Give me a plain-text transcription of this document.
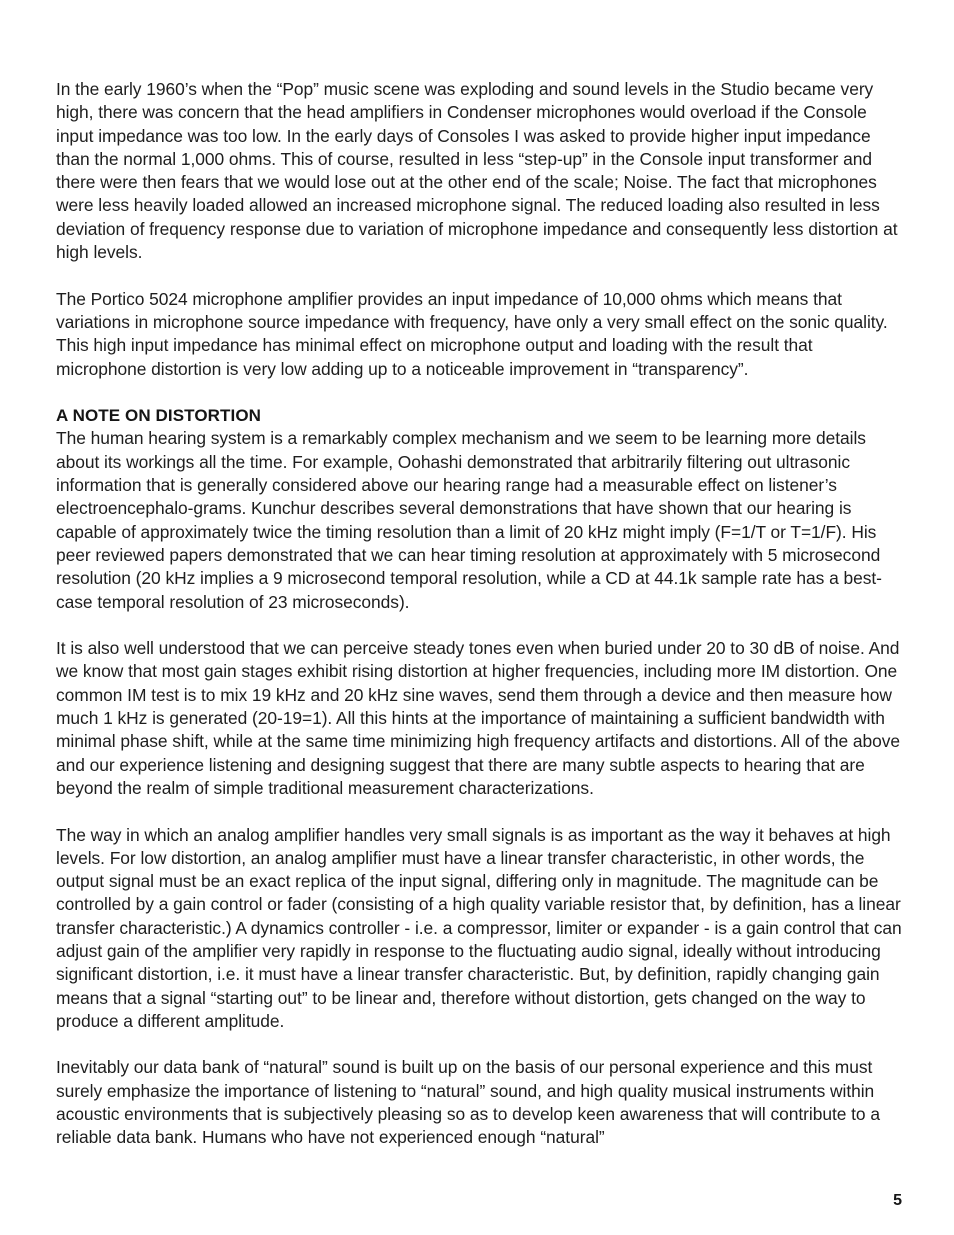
In the early 1960’s when the “Pop” music scene was exploding and sound levels in the Studio became very high, there was concern that the head amplifiers in Condenser microphones would overload if the Console input impedance was too low. In the early days of Consoles I was asked to provide higher input impedance than the normal 1,000 ohms. This of course, resulted in less “step-up” in the Console input transformer and there were then fears that we would lose out at the other end of the scale; Noise. The fact that microphones were less heavily loaded allowed an increased microphone signal. The reduced loading also resulted in less deviation of frequency response due to variation of microphone impedance and consequently less distortion at high levels.

The Portico 5024 microphone amplifier provides an input impedance of 10,000 ohms which means that variations in microphone source impedance with frequency, have only a very small effect on the sonic quality. This high input impedance has minimal effect on microphone output and loading with the result that microphone distortion is very low adding up to a noticeable improvement in “transparency”.

A NOTE ON DISTORTION

The human hearing system is a remarkably complex mechanism and we seem to be learning more details about its workings all the time. For example, Oohashi demonstrated that arbitrarily filtering out ultrasonic information that is generally considered above our hearing range had a measurable effect on listener’s electroencephalo-grams. Kunchur describes several demonstrations that have shown that our hearing is capable of approximately twice the timing resolution than a limit of 20 kHz might imply (F=1/T or T=1/F). His peer reviewed papers demonstrated that we can hear timing resolution at approximately with 5 microsecond resolution (20 kHz implies a 9 microsecond temporal resolution, while a CD at 44.1k sample rate has a best-case temporal resolution of 23 microseconds).

It is also well understood that we can perceive steady tones even when buried under 20 to 30 dB of noise. And we know that most gain stages exhibit rising distortion at higher frequencies, including more IM distortion. One common IM test is to mix 19 kHz and 20 kHz sine waves, send them through a device and then measure how much 1 kHz is generated (20-19=1). All this hints at the importance of maintaining a sufficient bandwidth with minimal phase shift, while at the same time minimizing high frequency artifacts and distortions. All of the above and our experience listening and designing suggest that there are many subtle aspects to hearing that are beyond the realm of simple traditional measurement characterizations.

The way in which an analog amplifier handles very small signals is as important as the way it behaves at high levels. For low distortion, an analog amplifier must have a linear transfer characteristic, in other words, the output signal must be an exact replica of the input signal, differing only in magnitude. The magnitude can be controlled by a gain control or fader (consisting of a high quality variable resistor that, by definition, has a linear transfer characteristic.) A dynamics controller - i.e. a compressor, limiter or expander - is a gain control that can adjust gain of the amplifier very rapidly in response to the fluctuating audio signal, ideally without introducing significant distortion, i.e. it must have a linear transfer characteristic. But, by definition, rapidly changing gain means that a signal “starting out” to be linear and, therefore without distortion, gets changed on the way to produce a different amplitude.

Inevitably our data bank of “natural” sound is built up on the basis of our personal experience and this must surely emphasize the importance of listening to “natural” sound, and high quality musical instruments within acoustic environments that is subjectively pleasing so as to develop keen awareness that will contribute to a reliable data bank. Humans who have not experienced enough “natural”

5
